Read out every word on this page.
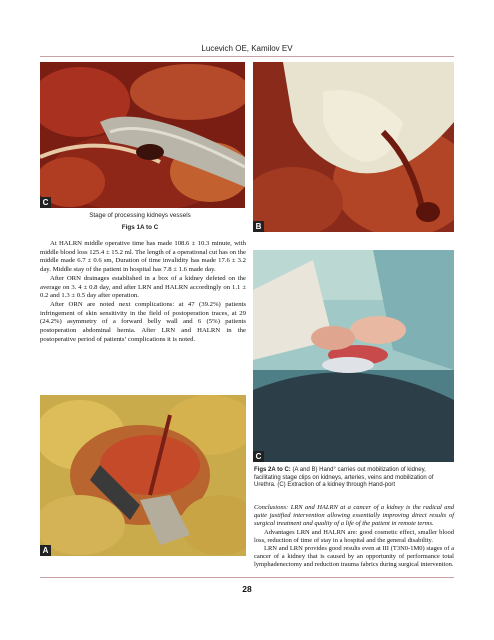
Lucevich OE, Kamilov EV
C
Stage of processing kidneys vessels
Figs 1A to C	B
C

At HALRN middle operative time has made 108.6 ± 10.3 minute, with middle blood loss 125.4 ± 15.2 ml. The length of a operational cut has on the middle made 6.7 ± 0.6 sm, Duration of time invalidity has made 17.6 ± 3.2 day. Middle stay of the patient in hospital has 7.8 ± 1.6 made day.

After ORN drainages established in a box of a kidney defeted on the average on 3. 4 ± 0.8 day, and after LRN and HALRN accordingly on 1.1 ± 0.2 and 1.3 ± 0.5 day after operation.

After ORN are noted next complications: at 47 (39.2%) patients infringement of skin sensitivity in the field of postoperation traces, at 29 (24.2%) asymmetry of a forward belly wall and 6 (5%) patients postoperation abdominal hernia. After LRN and HALRN in the postoperative period of patients’ complications it is noted.

A
Figs 2A to C: (A and B) Hand° carries out mobilization of kidney, facilitating stage clips on kidneys, arteries, veins and mobilization of Urethra. (C) Extraction of a kidney through Hand-port

Conclusions: LRN and HALRN at a cancer of a kidney is the radical and quite justified intervention allowing essentially improving direct results of surgical treatment and quality of a life of the patient in remote terms.

Advantages LRN and HALRN are: good cosmetic effect, smaller blood loss, reduction of time of stay in a hospital and the general disability.

LRN and LRN provides good results even at III (T3N0-1M0) stages of a cancer of a kidney that is caused by an opportunity of performance total lymphadenectomy and reduction trauma fabrics during surgical intervention.

28
